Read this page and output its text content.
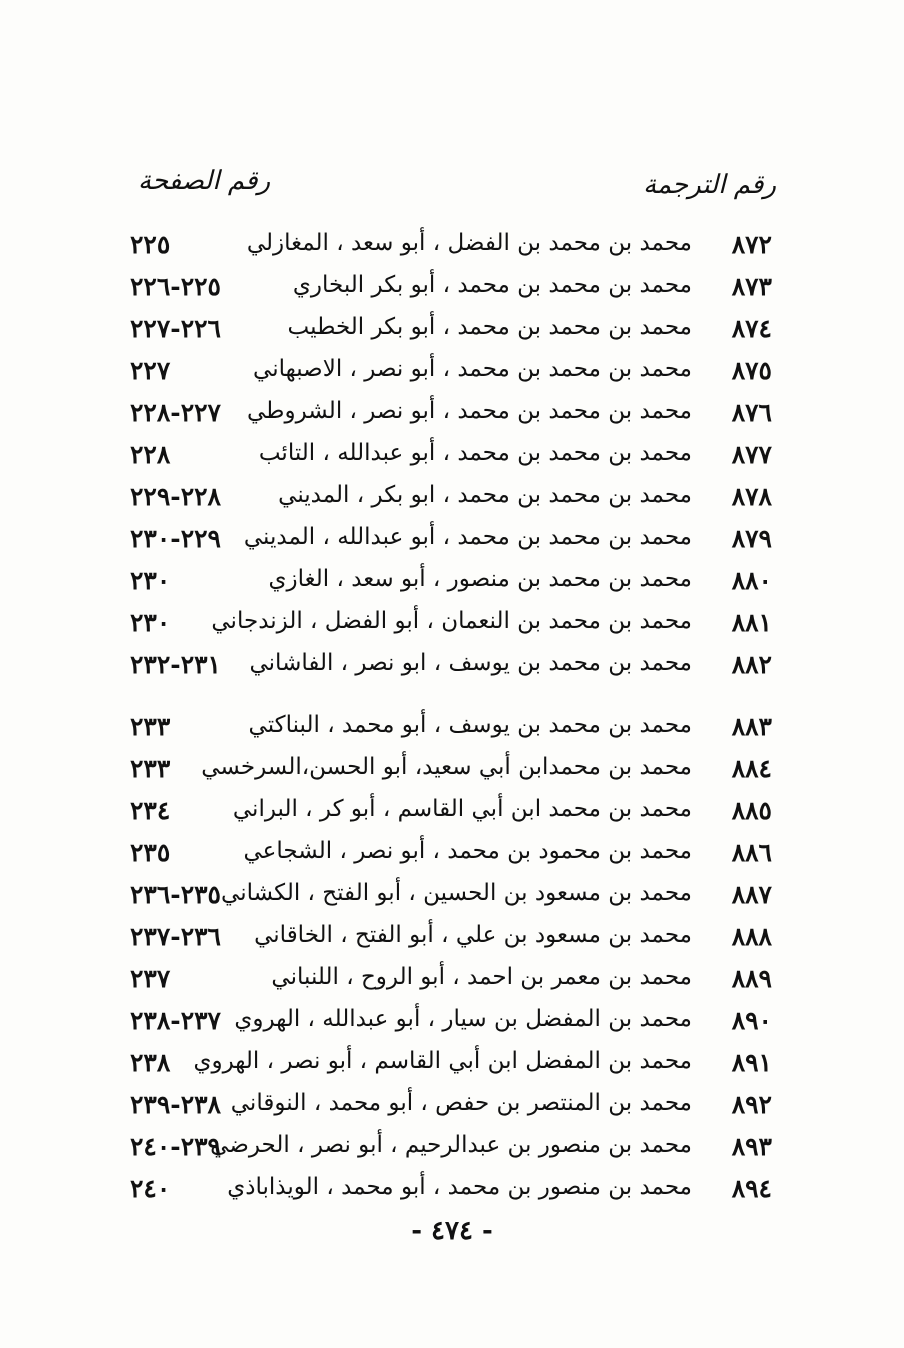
رقم الترجمة
رقم الصفحة
٨٧٢
محمد بن محمد بن الفضل ، أبو سعد ، المغازلي
٢٢٥
٨٧٣
محمد بن محمد بن محمد ، أبو بكر البخاري
٢٢٥-٢٢٦
٨٧٤
محمد بن محمد بن محمد ، أبو بكر الخطيب
٢٢٦-٢٢٧
٨٧٥
محمد بن محمد بن محمد ، أبو نصر ، الاصبهاني
٢٢٧
٨٧٦
محمد بن محمد بن محمد ، أبو نصر ، الشروطي
٢٢٧-٢٢٨
٨٧٧
محمد بن محمد بن محمد ، أبو عبدالله ، التائب
٢٢٨
٨٧٨
محمد بن محمد بن محمد ، ابو بكر ، المديني
٢٢٨-٢٢٩
٨٧٩
محمد بن محمد بن محمد ، أبو عبدالله ، المديني
٢٢٩-٢٣٠
٨٨٠
محمد بن محمد بن منصور ، أبو سعد ، الغازي
٢٣٠
٨٨١
محمد بن محمد بن النعمان ، أبو الفضل ، الزندجاني
٢٣٠
٨٨٢
محمد بن محمد بن يوسف ، ابو نصر ، الفاشاني
٢٣١-٢٣٢
٨٨٣
محمد بن محمد بن يوسف ، أبو محمد ، البناكتي
٢٣٣
٨٨٤
محمد بن محمدابن أبي سعيد، أبو الحسن،السرخسي
٢٣٣
٨٨٥
محمد بن محمد ابن أبي القاسم ، أبو كر ، البراني
٢٣٤
٨٨٦
محمد بن محمود بن محمد ، أبو نصر ، الشجاعي
٢٣٥
٨٨٧
محمد بن مسعود بن الحسين ، أبو الفتح ، الكشاني
٢٣٥-٢٣٦
٨٨٨
محمد بن مسعود بن علي ، أبو الفتح ، الخاقاني
٢٣٦-٢٣٧
٨٨٩
محمد بن معمر بن احمد ، أبو الروح ، اللنباني
٢٣٧
٨٩٠
محمد بن المفضل بن سيار ، أبو عبدالله ، الهروي
٢٣٧-٢٣٨
٨٩١
محمد بن المفضل ابن أبي القاسم ، أبو نصر ، الهروي
٢٣٨
٨٩٢
محمد بن المنتصر بن حفص ، أبو محمد ، النوقاني
٢٣٨-٢٣٩
٨٩٣
محمد بن منصور بن عبدالرحيم ، أبو نصر ، الحرضي
٢٣٩-٢٤٠
٨٩٤
محمد بن منصور بن محمد ، أبو محمد ، الويذاباذي
٢٤٠
- ٤٧٤ -
